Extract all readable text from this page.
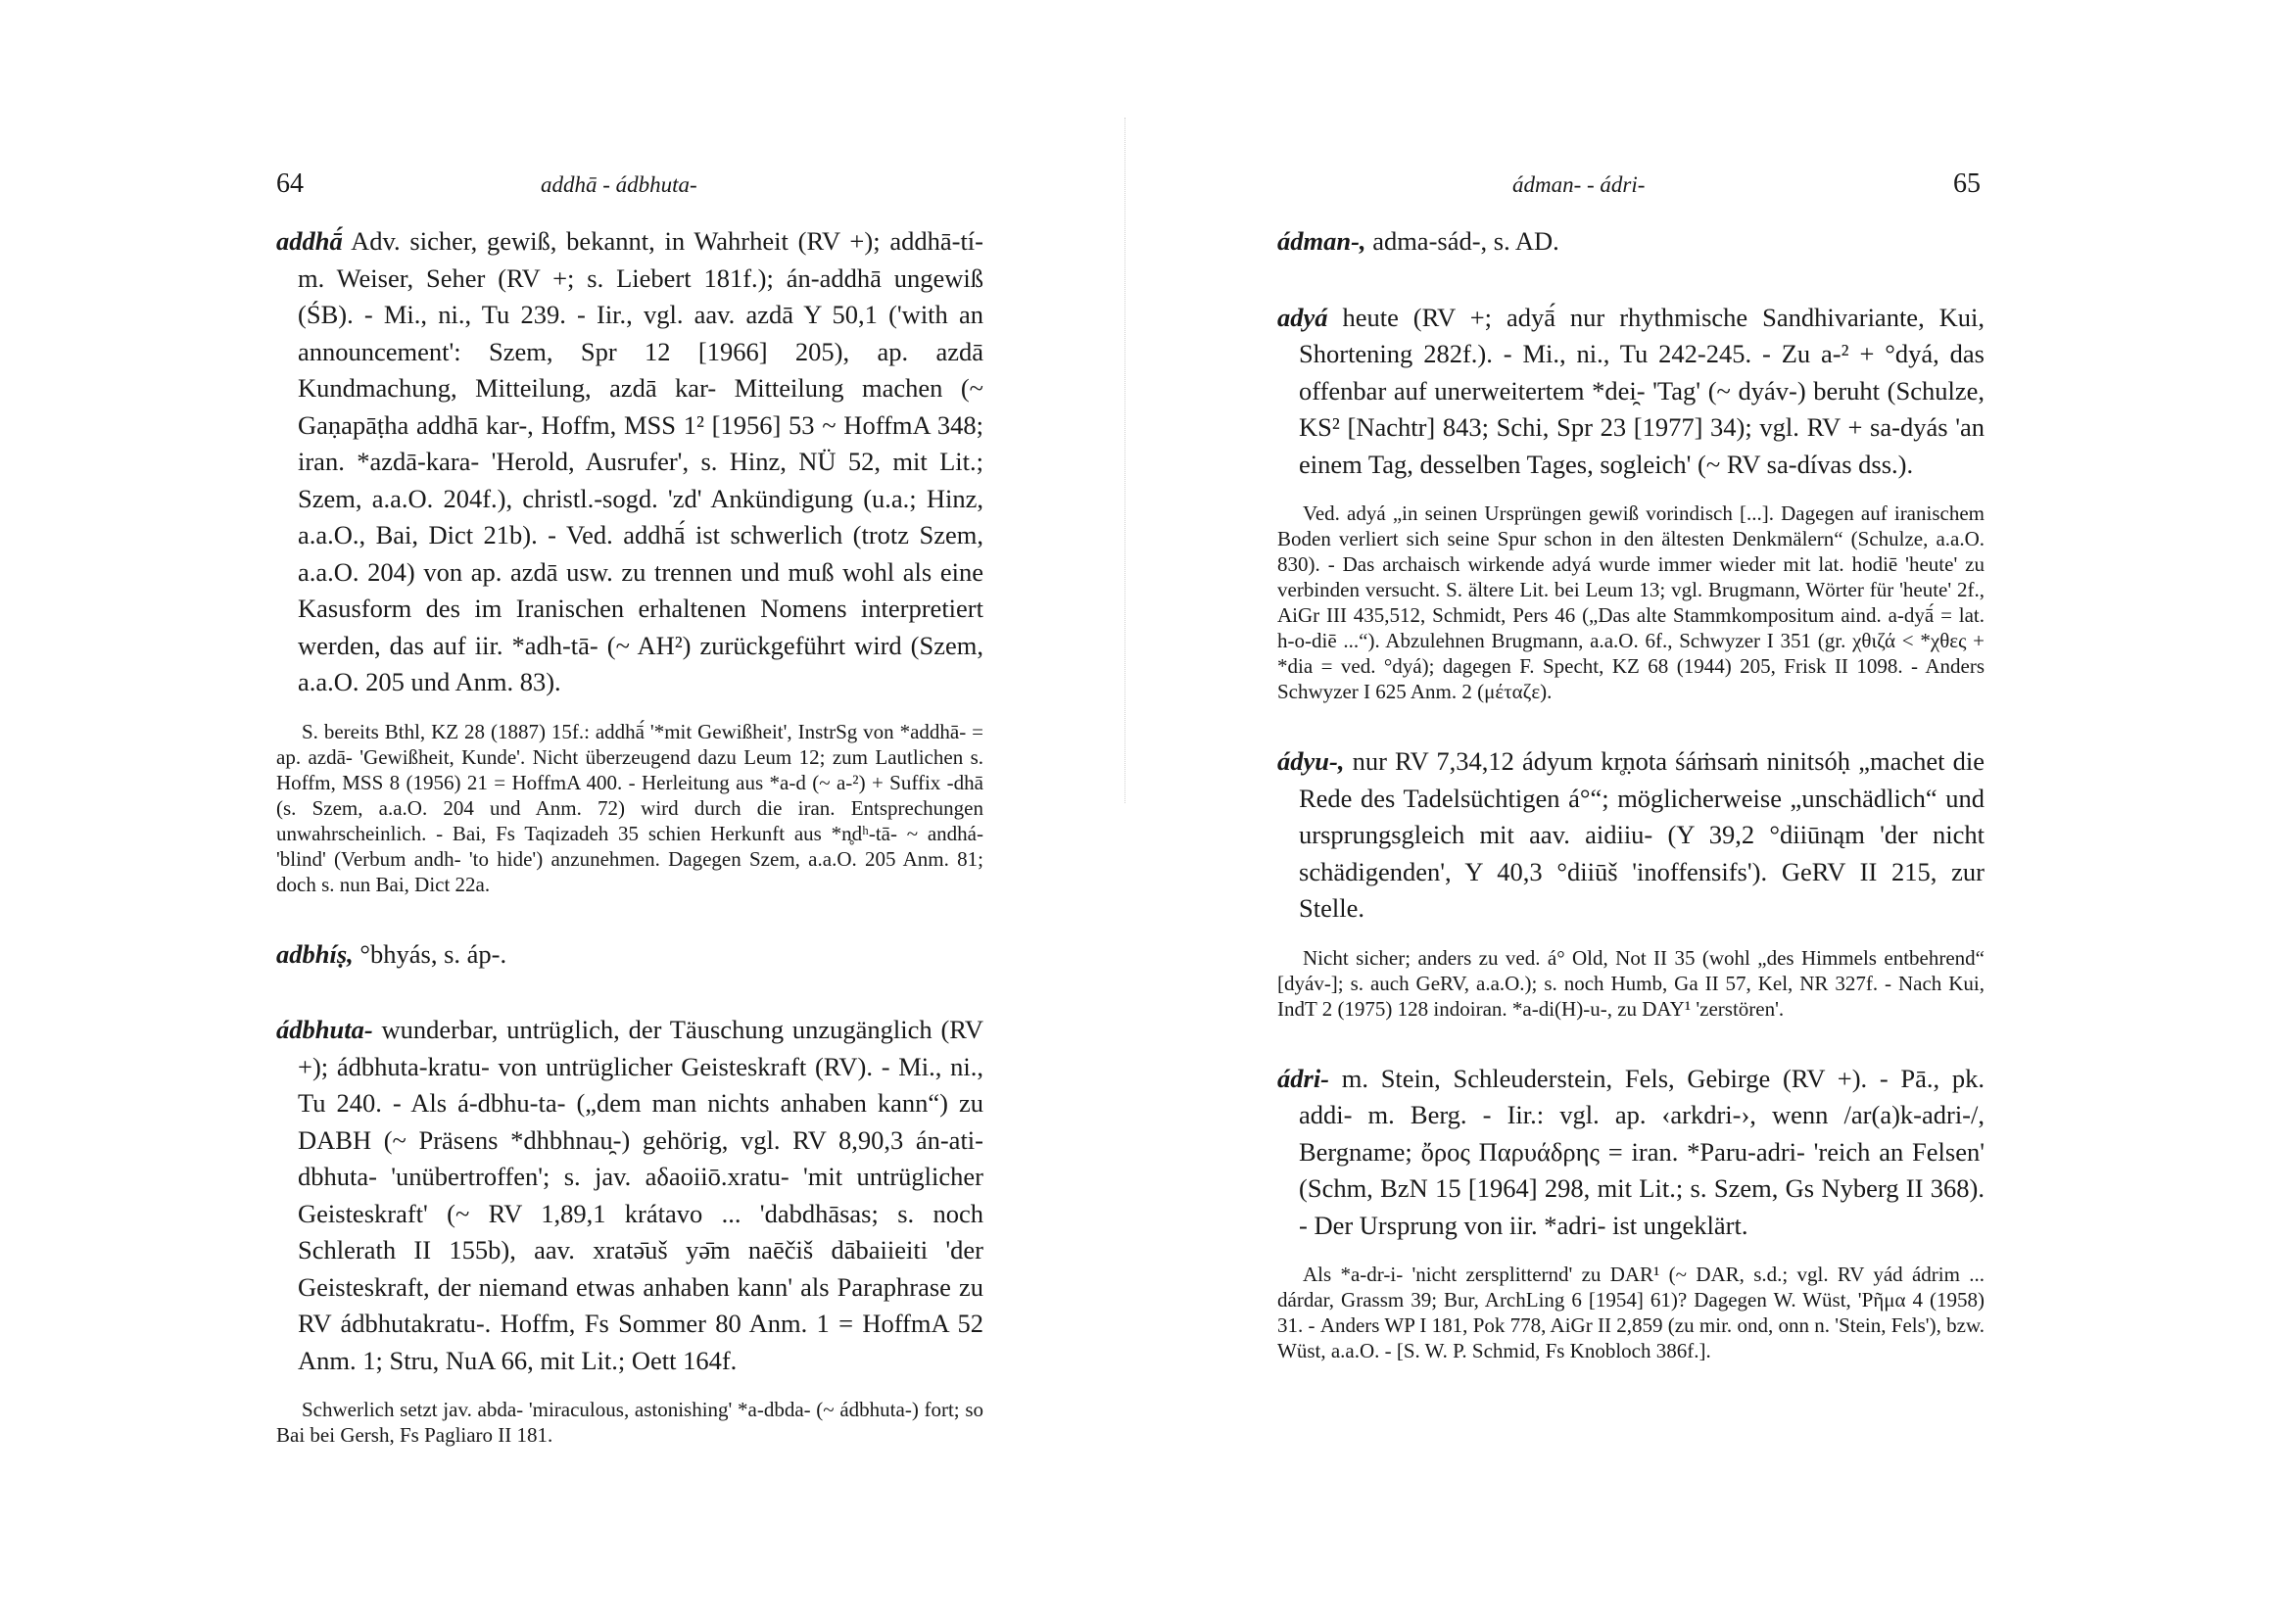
64	addhā - ádbhuta-

addhā́ Adv. sicher, gewiß, bekannt, in Wahrheit (RV +); addhā-tí- m. Weiser, Seher (RV +; s. Liebert 181f.); án-addhā ungewiß (ŚB). - Mi., ni., Tu 239. - Iir., vgl. aav. azdā Y 50,1 ('with an announcement': Szem, Spr 12 [1966] 205), ap. azdā Kundmachung, Mitteilung, azdā kar- Mitteilung machen (~ Gaṇapāṭha addhā kar-, Hoffm, MSS 1² [1956] 53 ~ HoffmA 348; iran. *azdā-kara- 'Herold, Ausrufer', s. Hinz, NÜ 52, mit Lit.; Szem, a.a.O. 204f.), christl.-sogd. 'zd' Ankündigung (u.a.; Hinz, a.a.O., Bai, Dict 21b). - Ved. addhā́ ist schwerlich (trotz Szem, a.a.O. 204) von ap. azdā usw. zu trennen und muß wohl als eine Kasusform des im Iranischen erhaltenen Nomens interpretiert werden, das auf iir. *adh-tā- (~ AH²) zurückgeführt wird (Szem, a.a.O. 205 und Anm. 83).

S. bereits Bthl, KZ 28 (1887) 15f.: addhā́ '*mit Gewißheit', InstrSg von *addhā- = ap. azdā- 'Gewißheit, Kunde'. Nicht überzeugend dazu Leum 12; zum Lautlichen s. Hoffm, MSS 8 (1956) 21 = HoffmA 400. - Herleitung aus *a-d (~ a-²) + Suffix -dhā (s. Szem, a.a.O. 204 und Anm. 72) wird durch die iran. Entsprechungen unwahrscheinlich. - Bai, Fs Taqizadeh 35 schien Herkunft aus *n̥dʰ-tā- ~ andhá- 'blind' (Verbum andh- 'to hide') anzunehmen. Dagegen Szem, a.a.O. 205 Anm. 81; doch s. nun Bai, Dict 22a.

adbhíṣ, °bhyás, s. áp-.

ádbhuta- wunderbar, untrüglich, der Täuschung unzugänglich (RV +); ádbhuta-kratu- von untrüglicher Geisteskraft (RV). - Mi., ni., Tu 240. - Als á-dbhu-ta- („dem man nichts anhaben kann“) zu DABH (~ Präsens *dhbhnau̯-) gehörig, vgl. RV 8,90,3 án-ati-dbhuta- 'unübertroffen'; s. jav. aδaoiiō.xratu- 'mit untrüglicher Geisteskraft' (~ RV 1,89,1 krátavo ... 'dabdhāsas; s. noch Schlerath II 155b), aav. xratə̄uš yə̄m naēčiš dābaiieiti 'der Geisteskraft, der niemand etwas anhaben kann' als Paraphrase zu RV ádbhutakratu-. Hoffm, Fs Sommer 80 Anm. 1 = HoffmA 52 Anm. 1; Stru, NuA 66, mit Lit.; Oett 164f.

Schwerlich setzt jav. abda- 'miraculous, astonishing' *a-dbda- (~ ádbhuta-) fort; so Bai bei Gersh, Fs Pagliaro II 181.

ádman- - ádri-	65

ádman-, adma-sád-, s. AD.

adyá heute (RV +; adyā́ nur rhythmische Sandhivariante, Kui, Shortening 282f.). - Mi., ni., Tu 242-245. - Zu a-² + °dyá, das offenbar auf unerweitertem *dei̯- 'Tag' (~ dyáv-) beruht (Schulze, KS² [Nachtr] 843; Schi, Spr 23 [1977] 34); vgl. RV + sa-dyás 'an einem Tag, desselben Tages, sogleich' (~ RV sa-dívas dss.).

Ved. adyá „in seinen Ursprüngen gewiß vorindisch [...]. Dagegen auf iranischem Boden verliert sich seine Spur schon in den ältesten Denkmälern“ (Schulze, a.a.O. 830). - Das archaisch wirkende adyá wurde immer wieder mit lat. hodiē 'heute' zu verbinden versucht. S. ältere Lit. bei Leum 13; vgl. Brugmann, Wörter für 'heute' 2f., AiGr III 435,512, Schmidt, Pers 46 („Das alte Stammkompositum aind. a-dyā́ = lat. h-o-diē ...“). Abzulehnen Brugmann, a.a.O. 6f., Schwyzer I 351 (gr. χθιζά < *χθες + *dia = ved. °dyá); dagegen F. Specht, KZ 68 (1944) 205, Frisk II 1098. - Anders Schwyzer I 625 Anm. 2 (μέταζε).

ádyu-, nur RV 7,34,12 ádyum kr̥ṇota śáṁsaṁ ninitsóḥ „machet die Rede des Tadelsüchtigen á°“; möglicherweise „unschädlich“ und ursprungsgleich mit aav. aidiiu- (Y 39,2 °diiūnąm 'der nicht schädigenden', Y 40,3 °diiūš 'inoffensifs'). GeRV II 215, zur Stelle.

Nicht sicher; anders zu ved. á° Old, Not II 35 (wohl „des Himmels entbehrend“ [dyáv-]; s. auch GeRV, a.a.O.); s. noch Humb, Ga II 57, Kel, NR 327f. - Nach Kui, IndT 2 (1975) 128 indoiran. *a-di(H)-u-, zu DAY¹ 'zerstören'.

ádri- m. Stein, Schleuderstein, Fels, Gebirge (RV +). - Pā., pk. addi- m. Berg. - Iir.: vgl. ap. ‹arkdri-›, wenn /ar(a)k-adri-/, Bergname; ὄρος Παρυάδρης = iran. *Paru-adri- 'reich an Felsen' (Schm, BzN 15 [1964] 298, mit Lit.; s. Szem, Gs Nyberg II 368). - Der Ursprung von iir. *adri- ist ungeklärt.

Als *a-dr-i- 'nicht zersplitternd' zu DAR¹ (~ DAR, s.d.; vgl. RV yád ádrim ... dárdar, Grassm 39; Bur, ArchLing 6 [1954] 61)? Dagegen W. Wüst, 'Pῆμα 4 (1958) 31. - Anders WP I 181, Pok 778, AiGr II 2,859 (zu mir. ond, onn n. 'Stein, Fels'), bzw. Wüst, a.a.O. - [S. W. P. Schmid, Fs Knobloch 386f.].
